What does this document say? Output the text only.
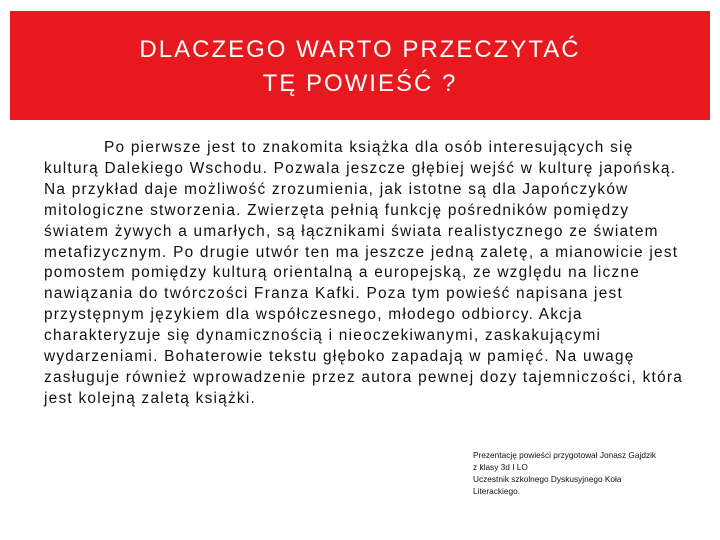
DLACZEGO WARTO PRZECZYTAĆ
TĘ POWIEŚĆ ?
Po pierwsze jest to znakomita książka dla osób interesujących się kulturą Dalekiego Wschodu. Pozwala jeszcze głębiej wejść w kulturę japońską. Na przykład daje możliwość zrozumienia, jak istotne są dla Japończyków mitologiczne stworzenia. Zwierzęta pełnią funkcję pośredników pomiędzy światem żywych a umarłych, są łącznikami świata realistycznego ze światem metafizycznym. Po drugie utwór ten ma jeszcze jedną zaletę, a mianowicie jest pomostem pomiędzy kulturą orientalną a europejską, ze względu na liczne nawiązania do twórczości Franza Kafki. Poza tym powieść napisana jest przystępnym językiem dla współczesnego, młodego odbiorcy. Akcja charakteryzuje się dynamicznością i nieoczekiwanymi, zaskakującymi wydarzeniami. Bohaterowie tekstu głęboko zapadają w pamięć. Na uwagę zasługuje również wprowadzenie przez autora pewnej dozy tajemniczości, która jest kolejną zaletą książki.
Prezentację powieści przygotował Jonasz Gajdzik
z klasy 3d I LO
Uczestnik szkolnego Dyskusyjnego Koła
Literackiego.
